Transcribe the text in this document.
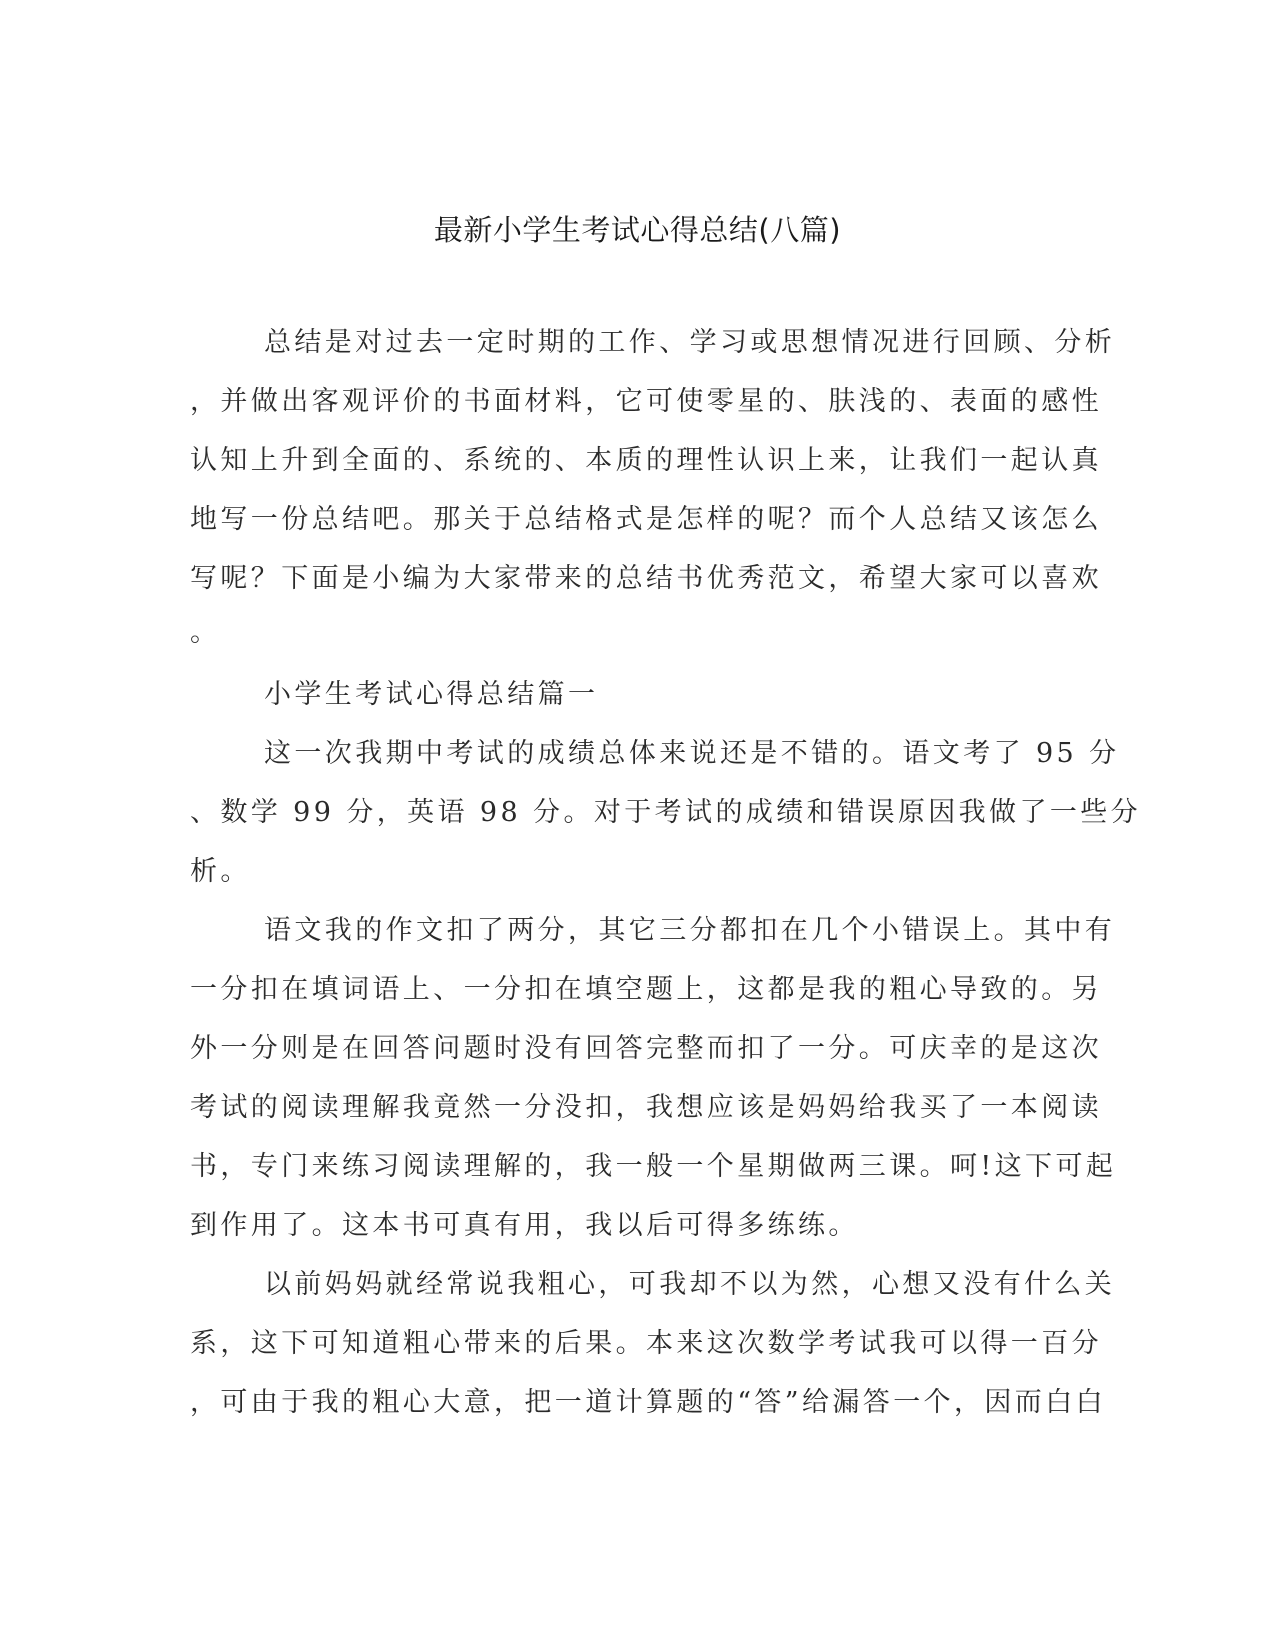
最新小学生考试心得总结(八篇)
总结是对过去一定时期的工作、学习或思想情况进行回顾、分析
，并做出客观评价的书面材料，它可使零星的、肤浅的、表面的感性
认知上升到全面的、系统的、本质的理性认识上来，让我们一起认真
地写一份总结吧。那关于总结格式是怎样的呢？而个人总结又该怎么
写呢？下面是小编为大家带来的总结书优秀范文，希望大家可以喜欢
。
小学生考试心得总结篇一
这一次我期中考试的成绩总体来说还是不错的。语文考了 95 分
、数学 99 分，英语 98 分。对于考试的成绩和错误原因我做了一些分
析。
语文我的作文扣了两分，其它三分都扣在几个小错误上。其中有
一分扣在填词语上、一分扣在填空题上，这都是我的粗心导致的。另
外一分则是在回答问题时没有回答完整而扣了一分。可庆幸的是这次
考试的阅读理解我竟然一分没扣，我想应该是妈妈给我买了一本阅读
书，专门来练习阅读理解的，我一般一个星期做两三课。呵!这下可起
到作用了。这本书可真有用，我以后可得多练练。
以前妈妈就经常说我粗心，可我却不以为然，心想又没有什么关
系，这下可知道粗心带来的后果。本来这次数学考试我可以得一百分
，可由于我的粗心大意，把一道计算题的“答”给漏答一个，因而白白
